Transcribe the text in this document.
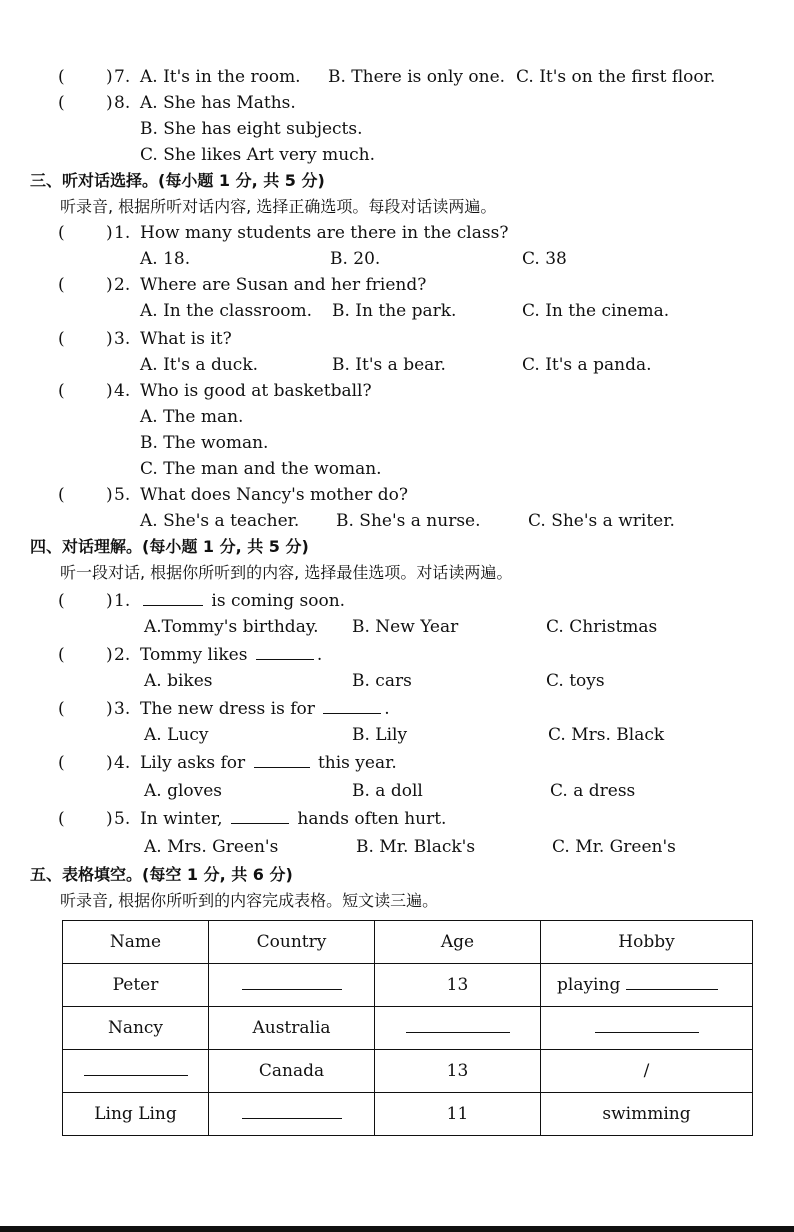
( ) 7. A. It's in the room. B. There is only one. C. It's on the first floor.
( ) 8. A. She has Maths.
B. She has eight subjects.
C. She likes Art very much.
三、听对话选择。(每小题 1 分, 共 5 分)
听录音, 根据所听对话内容, 选择正确选项。每段对话读两遍。
( ) 1. How many students are there in the class?
A. 18.	B. 20.	C. 38
( ) 2. Where are Susan and her friend?
A. In the classroom. B. In the park.	C. In the cinema.
( ) 3. What is it?
A. It's a duck.	B. It's a bear.	C. It's a panda.
( ) 4. Who is good at basketball?
A. The man.
B. The woman.
C. The man and the woman.
( ) 5. What does Nancy's mother do?
A. She's a teacher. B. She's a nurse.	C. She's a writer.
四、对话理解。(每小题 1 分, 共 5 分)
听一段对话, 根据你所听到的内容, 选择最佳选项。对话读两遍。
( ) 1.	is coming soon.
A.Tommy's birthday. B. New Year	C. Christmas
( ) 2. Tommy likes	.
A. bikes	B. cars	C. toys
( ) 3. The new dress is for	.
A. Lucy	B. Lily	C. Mrs. Black
( ) 4. Lily asks for	this year.
A. gloves	B. a doll	C. a dress
( ) 5. In winter,	hands often hurt.
A. Mrs. Green's	B. Mr. Black's	C. Mr. Green's
五、表格填空。(每空 1 分, 共 6 分)
听录音, 根据你所听到的内容完成表格。短文读三遍。
Name	Country	Age	Hobby
Peter		13	playing
Nancy	Australia		
	Canada	13	/
Ling Ling		11	swimming
